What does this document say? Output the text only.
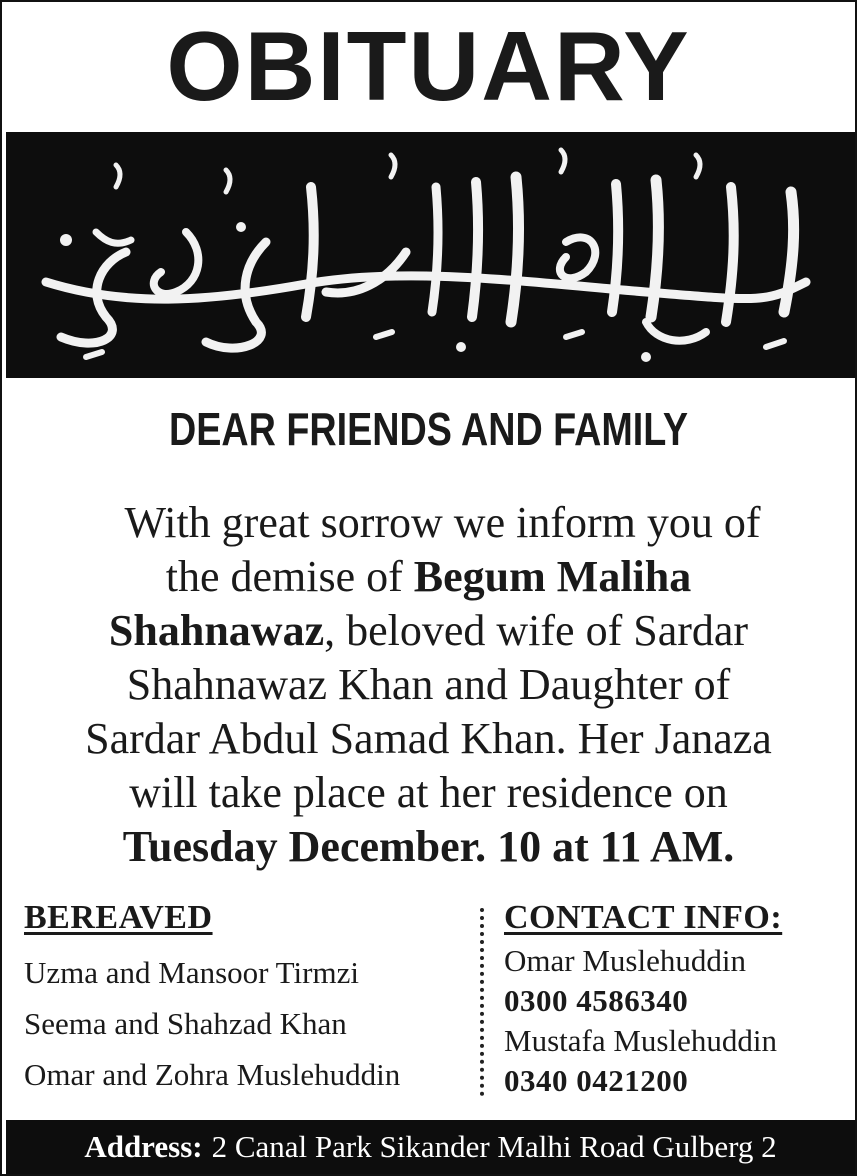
OBITUARY
DEAR FRIENDS AND FAMILY

With great sorrow we inform you of

the demise of Begum Maliha

Shahnawaz, beloved wife of Sardar

Shahnawaz Khan and Daughter of

Sardar Abdul Samad Khan. Her Janaza

will take place at her residence on

Tuesday December. 10 at 11 AM.

BEREAVED
Uzma and Mansoor Tirmzi
Seema and Shahzad Khan
Omar and Zohra Muslehuddin
CONTACT INFO:
Omar Muslehuddin
0300 4586340
Mustafa Muslehuddin
0340 0421200
Address: 2 Canal Park Sikander Malhi Road Gulberg 2
